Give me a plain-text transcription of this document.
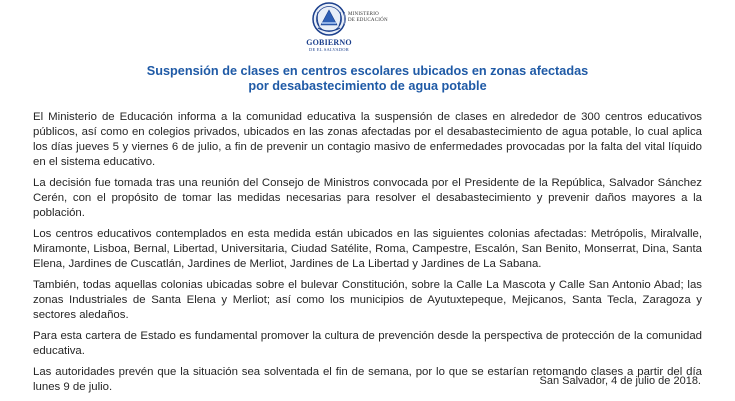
GOBIERNO
DE EL SALVADOR
MINISTERIO
DE EDUCACIÓN
Suspensión de clases en centros escolares ubicados en zonas afectadas
por desabastecimiento de agua potable

El Ministerio de Educación informa a la comunidad educativa la suspensión de clases en alrededor de 300 centros educativos públicos, así como en colegios privados, ubicados en las zonas afectadas por el desabastecimiento de agua potable, lo cual aplica los días jueves 5 y viernes 6 de julio, a fin de prevenir un contagio masivo de enfermedades provocadas por la falta del vital líquido en el sistema educativo.

La decisión fue tomada tras una reunión del Consejo de Ministros convocada por el Presidente de la República, Salvador Sánchez Cerén, con el propósito de tomar las medidas necesarias para resolver el desabastecimiento y prevenir daños mayores a la población.

Los centros educativos contemplados en esta medida están ubicados en las siguientes colonias afectadas: Metrópolis, Miralvalle, Miramonte, Lisboa, Bernal, Libertad, Universitaria, Ciudad Satélite, Roma, Campestre, Escalón, San Benito, Monserrat, Dina, Santa Elena, Jardines de Cuscatlán, Jardines de Merliot, Jardines de La Libertad y Jardines de La Sabana.

También, todas aquellas colonias ubicadas sobre el bulevar Constitución, sobre la Calle La Mascota y Calle San Antonio Abad; las zonas Industriales de Santa Elena y Merliot; así como los municipios de Ayutuxtepeque, Mejicanos, Santa Tecla, Zaragoza y sectores aledaños.

Para esta cartera de Estado es fundamental promover la cultura de prevención desde la perspectiva de protección de la comunidad educativa.

Las autoridades prevén que la situación sea solventada el fin de semana, por lo que se estarían retomando clases a partir del día lunes 9 de julio.	San Salvador, 4 de julio de 2018.
